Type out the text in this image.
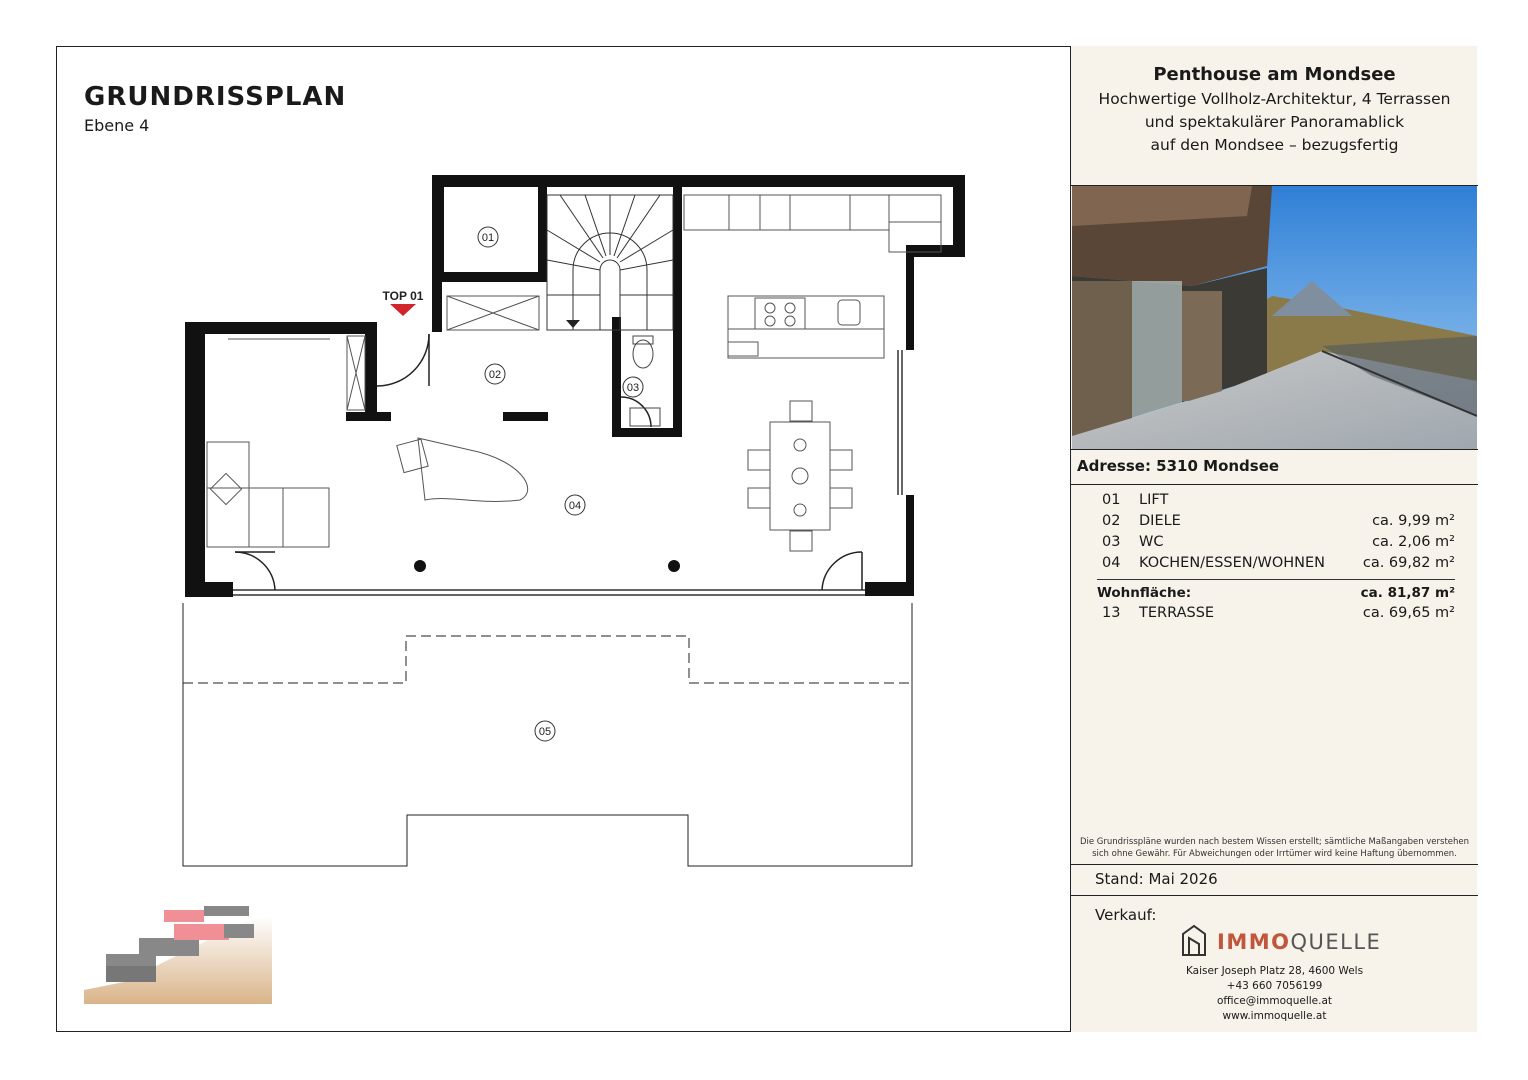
GRUNDRISSPLAN
Ebene 4
01
02
03
04
05
TOP 01
Penthouse am Mondsee
Hochwertige Vollholz-Architektur, 4 Terrassen
und spektakulärer Panoramablick
auf den Mondsee – bezugsfertig
Adresse: 5310 Mondsee
01 LIFT
02 DIELE	ca. 9,99 m²
03 WC	ca. 2,06 m²
04 KOCHEN/ESSEN/WOHNEN	ca. 69,82 m²
Wohnfläche:	ca. 81,87 m²
13 TERRASSE	ca. 69,65 m²
Die Grundrisspläne wurden nach bestem Wissen erstellt; sämtliche Maßangaben verstehen sich ohne Gewähr. Für Abweichungen oder Irrtümer wird keine Haftung übernommen.
Stand: Mai 2026
Verkauf:
IMMOQUELLE
Kaiser Joseph Platz 28, 4600 Wels
+43 660 7056199
office@immoquelle.at
www.immoquelle.at
